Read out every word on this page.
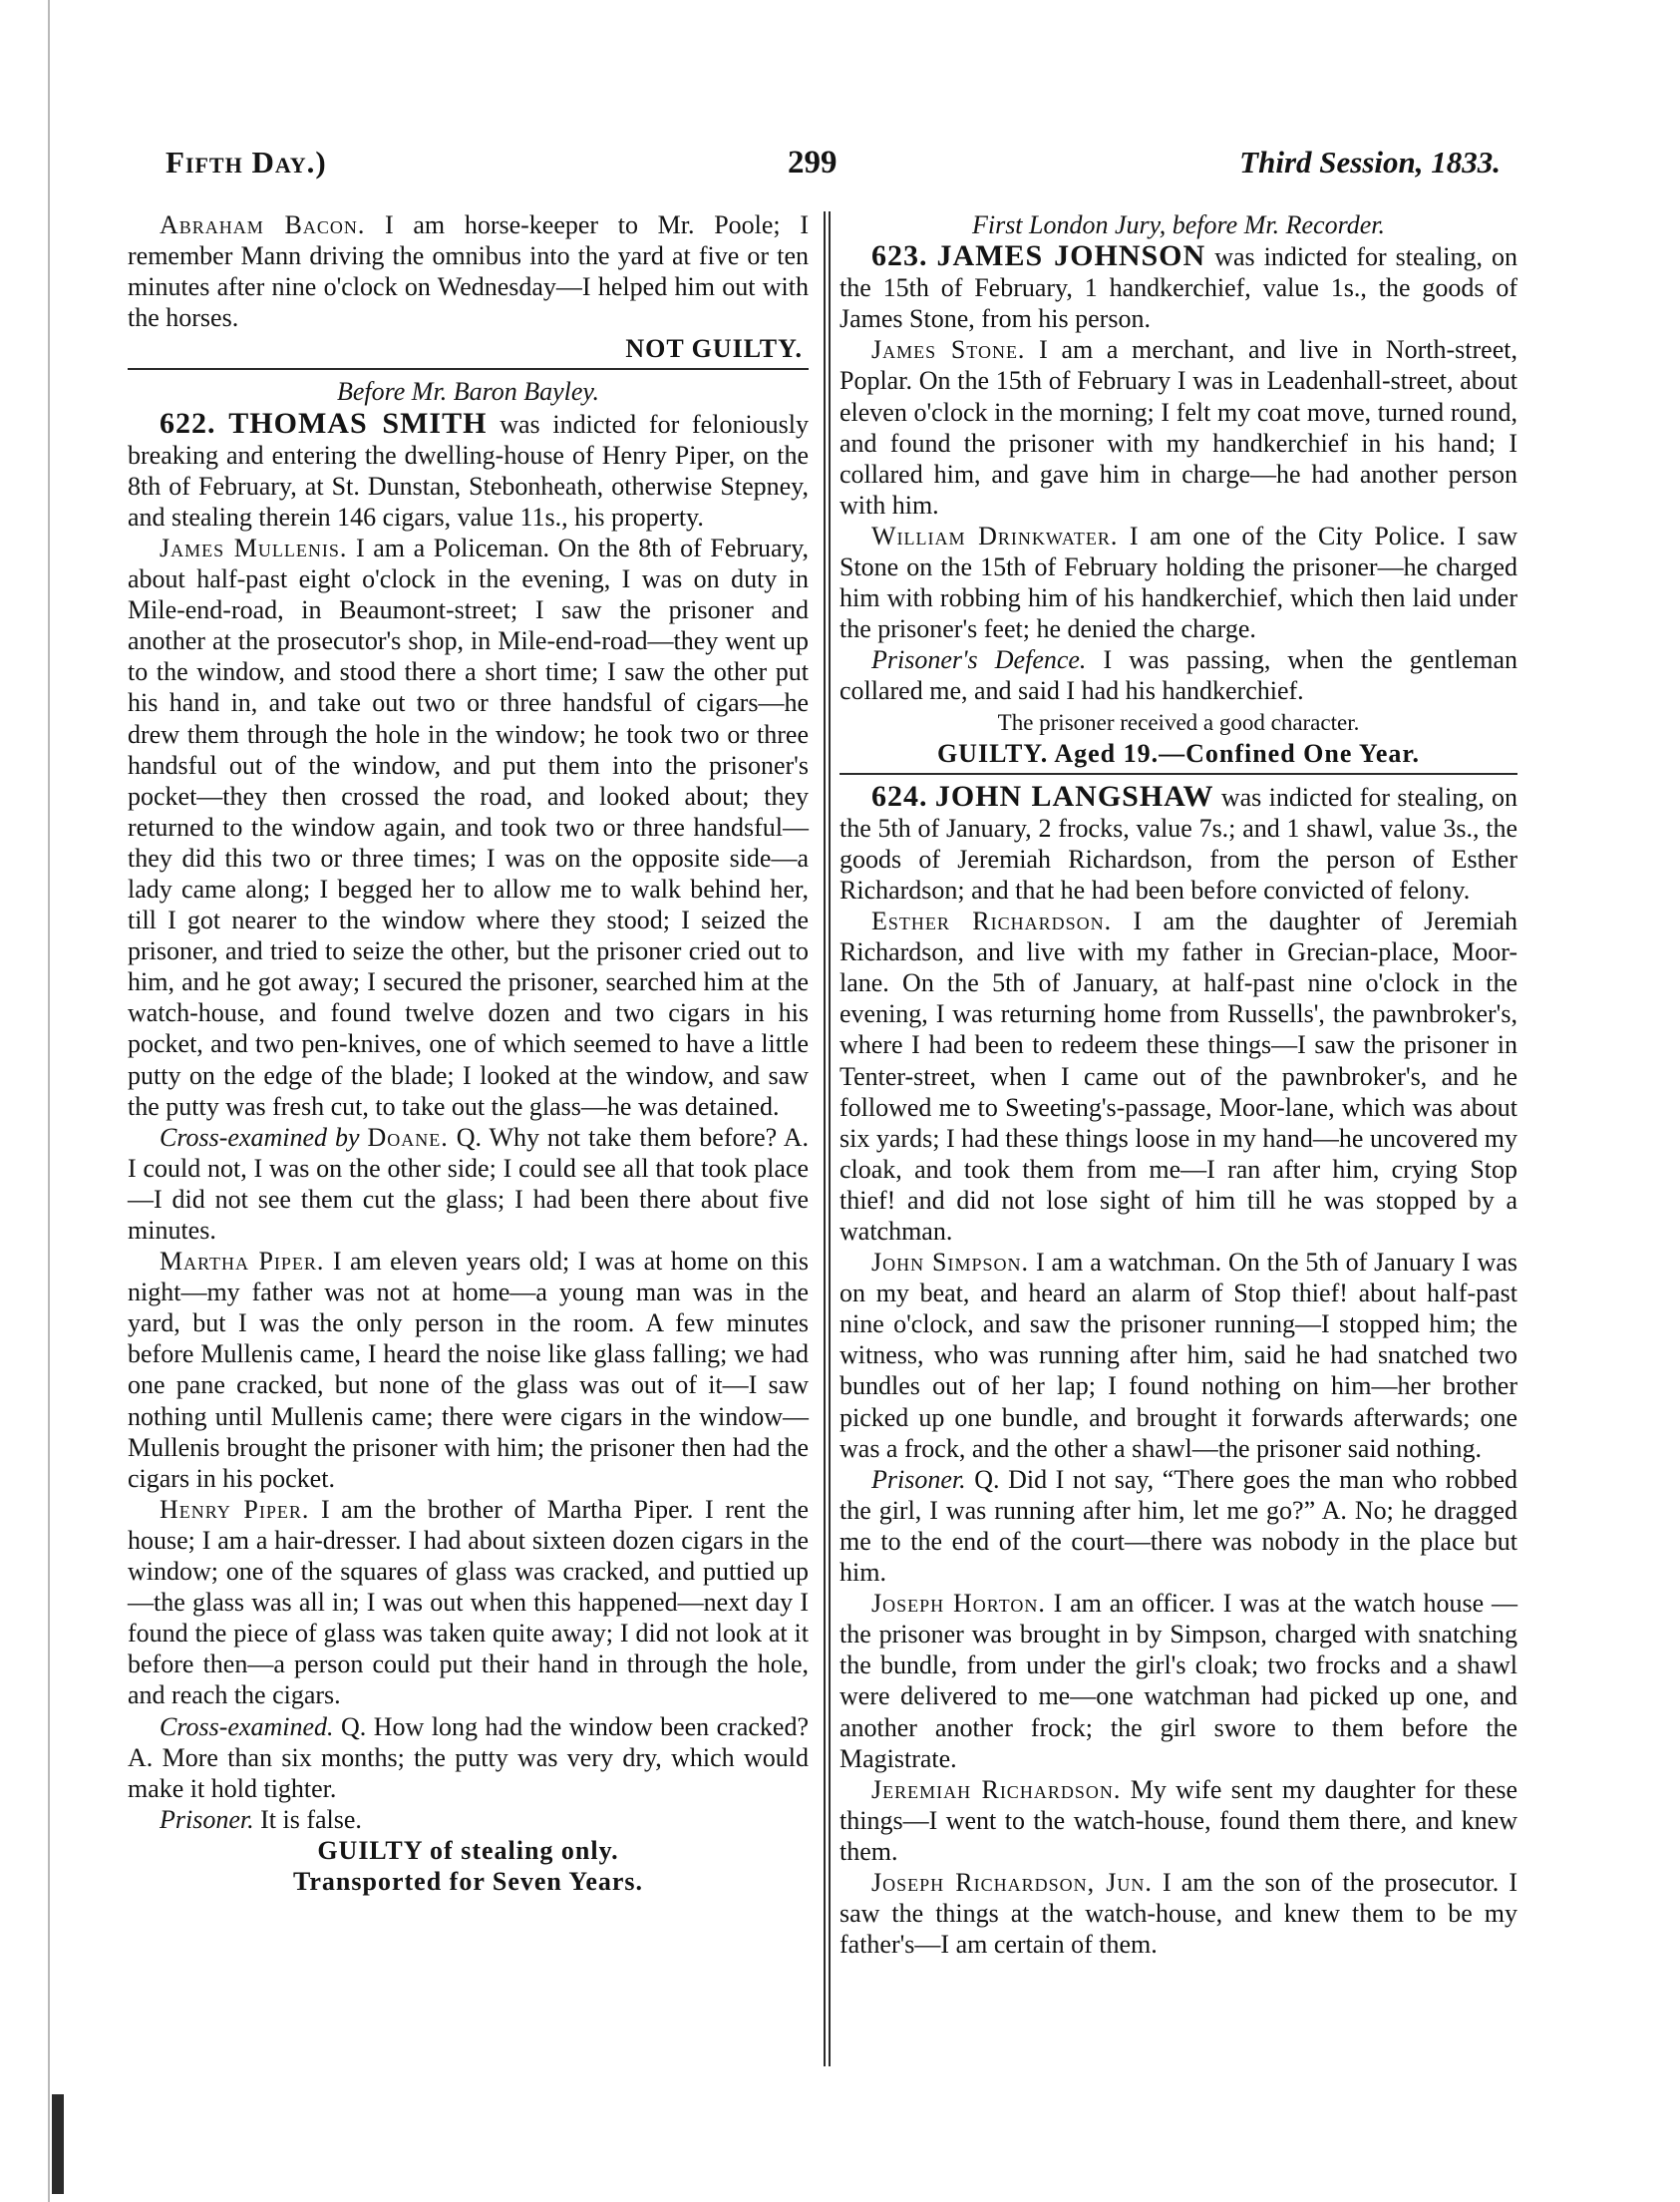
Fifth Day.)	299	Third Session, 1833.

Abraham Bacon. I am horse-keeper to Mr. Poole; I remember Mann driving the omnibus into the yard at five or ten minutes after nine o'clock on Wednesday—I helped him out with the horses.

NOT GUILTY.

Before Mr. Baron Bayley.

622. THOMAS SMITH was indicted for feloniously breaking and entering the dwelling-house of Henry Piper, on the 8th of February, at St. Dunstan, Stebonheath, otherwise Stepney, and stealing therein 146 cigars, value 11s., his property.

James Mullenis. I am a Policeman. On the 8th of February, about half-past eight o'clock in the evening, I was on duty in Mile-end-road, in Beaumont-street; I saw the prisoner and another at the prosecutor's shop, in Mile-end-road—they went up to the window, and stood there a short time; I saw the other put his hand in, and take out two or three handsful of cigars—he drew them through the hole in the window; he took two or three handsful out of the window, and put them into the prisoner's pocket—they then crossed the road, and looked about; they returned to the window again, and took two or three handsful—they did this two or three times; I was on the opposite side—a lady came along; I begged her to allow me to walk behind her, till I got nearer to the window where they stood; I seized the prisoner, and tried to seize the other, but the prisoner cried out to him, and he got away; I secured the prisoner, searched him at the watch-house, and found twelve dozen and two cigars in his pocket, and two pen-knives, one of which seemed to have a little putty on the edge of the blade; I looked at the window, and saw the putty was fresh cut, to take out the glass—he was detained.

Cross-examined by Doane. Q. Why not take them before? A. I could not, I was on the other side; I could see all that took place—I did not see them cut the glass; I had been there about five minutes.

Martha Piper. I am eleven years old; I was at home on this night—my father was not at home—a young man was in the yard, but I was the only person in the room. A few minutes before Mullenis came, I heard the noise like glass falling; we had one pane cracked, but none of the glass was out of it—I saw nothing until Mullenis came; there were cigars in the window—Mullenis brought the prisoner with him; the prisoner then had the cigars in his pocket.

Henry Piper. I am the brother of Martha Piper. I rent the house; I am a hair-dresser. I had about sixteen dozen cigars in the window; one of the squares of glass was cracked, and puttied up—the glass was all in; I was out when this happened—next day I found the piece of glass was taken quite away; I did not look at it before then—a person could put their hand in through the hole, and reach the cigars.

Cross-examined. Q. How long had the window been cracked? A. More than six months; the putty was very dry, which would make it hold tighter.

Prisoner. It is false.

GUILTY of stealing only.

Transported for Seven Years.

First London Jury, before Mr. Recorder.

623. JAMES JOHNSON was indicted for stealing, on the 15th of February, 1 handkerchief, value 1s., the goods of James Stone, from his person.

James Stone. I am a merchant, and live in North-street, Poplar. On the 15th of February I was in Leadenhall-street, about eleven o'clock in the morning; I felt my coat move, turned round, and found the prisoner with my handkerchief in his hand; I collared him, and gave him in charge—he had another person with him.

William Drinkwater. I am one of the City Police. I saw Stone on the 15th of February holding the prisoner—he charged him with robbing him of his handkerchief, which then laid under the prisoner's feet; he denied the charge.

Prisoner's Defence. I was passing, when the gentleman collared me, and said I had his handkerchief.

The prisoner received a good character.

GUILTY. Aged 19.—Confined One Year.

624. JOHN LANGSHAW was indicted for stealing, on the 5th of January, 2 frocks, value 7s.; and 1 shawl, value 3s., the goods of Jeremiah Richardson, from the person of Esther Richardson; and that he had been before convicted of felony.

Esther Richardson. I am the daughter of Jeremiah Richardson, and live with my father in Grecian-place, Moor-lane. On the 5th of January, at half-past nine o'clock in the evening, I was returning home from Russells', the pawnbroker's, where I had been to redeem these things—I saw the prisoner in Tenter-street, when I came out of the pawnbroker's, and he followed me to Sweeting's-passage, Moor-lane, which was about six yards; I had these things loose in my hand—he uncovered my cloak, and took them from me—I ran after him, crying Stop thief! and did not lose sight of him till he was stopped by a watchman.

John Simpson. I am a watchman. On the 5th of January I was on my beat, and heard an alarm of Stop thief! about half-past nine o'clock, and saw the prisoner running—I stopped him; the witness, who was running after him, said he had snatched two bundles out of her lap; I found nothing on him—her brother picked up one bundle, and brought it forwards afterwards; one was a frock, and the other a shawl—the prisoner said nothing.

Prisoner. Q. Did I not say, “There goes the man who robbed the girl, I was running after him, let me go?” A. No; he dragged me to the end of the court—there was nobody in the place but him.

Joseph Horton. I am an officer. I was at the watch house — the prisoner was brought in by Simpson, charged with snatching the bundle, from under the girl's cloak; two frocks and a shawl were delivered to me—one watchman had picked up one, and another another frock; the girl swore to them before the Magistrate.

Jeremiah Richardson. My wife sent my daughter for these things—I went to the watch-house, found them there, and knew them.

Joseph Richardson, Jun. I am the son of the prosecutor. I saw the things at the watch-house, and knew them to be my father's—I am certain of them.
